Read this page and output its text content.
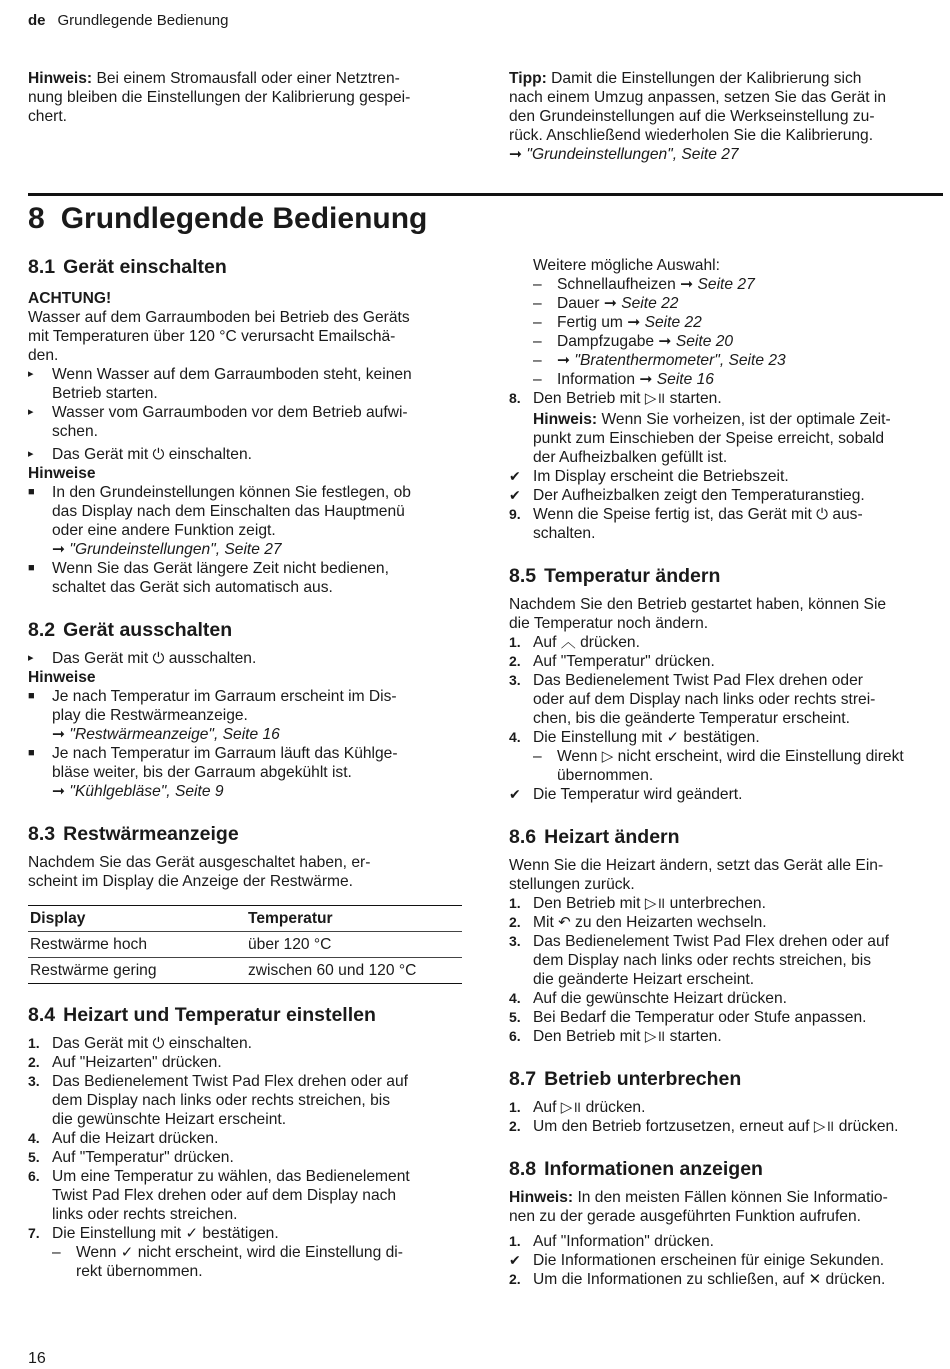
de Grundlegende Bedienung
Hinweis: Bei einem Stromausfall oder einer Netztren-
nung bleiben die Einstellungen der Kalibrierung gespei-
chert.
Tipp: Damit die Einstellungen der Kalibrierung sich
nach einem Umzug anpassen, setzen Sie das Gerät in
den Grundeinstellungen auf die Werkseinstellung zu-
rück. Anschließend wiederholen Sie die Kalibrierung.
➞ "Grundeinstellungen", Seite 27
8 Grundlegende Bedienung
8.1 Gerät einschalten
ACHTUNG!
Wasser auf dem Garraumboden bei Betrieb des Geräts
mit Temperaturen über 120 °C verursacht Emailschä-
den.
▸	Wenn Wasser auf dem Garraumboden steht, keinen
Betrieb starten.
▸	Wasser vom Garraumboden vor dem Betrieb aufwi-
schen.
▸	Das Gerät mit ⏻ einschalten.
Hinweise
■	In den Grundeinstellungen können Sie festlegen, ob
das Display nach dem Einschalten das Hauptmenü
oder eine andere Funktion zeigt.
➞ "Grundeinstellungen", Seite 27
■	Wenn Sie das Gerät längere Zeit nicht bedienen,
schaltet das Gerät sich automatisch aus.
8.2 Gerät ausschalten
▸	Das Gerät mit ⏻ ausschalten.
Hinweise
■	Je nach Temperatur im Garraum erscheint im Dis-
play die Restwärmeanzeige.
➞ "Restwärmeanzeige", Seite 16
■	Je nach Temperatur im Garraum läuft das Kühlge-
bläse weiter, bis der Garraum abgekühlt ist.
➞ "Kühlgebläse", Seite 9
8.3 Restwärmeanzeige
Nachdem Sie das Gerät ausgeschaltet haben, er-
scheint im Display die Anzeige der Restwärme.
Display	Temperatur
Restwärme hoch	über 120 °C
Restwärme gering	zwischen 60 und 120 °C
8.4 Heizart und Temperatur einstellen
1. Das Gerät mit ⏻ einschalten.
2. Auf "Heizarten" drücken.
3. Das Bedienelement Twist Pad Flex drehen oder auf
dem Display nach links oder rechts streichen, bis
die gewünschte Heizart erscheint.
4. Auf die Heizart drücken.
5. Auf "Temperatur" drücken.
6. Um eine Temperatur zu wählen, das Bedienelement
Twist Pad Flex drehen oder auf dem Display nach
links oder rechts streichen.
7. Die Einstellung mit ✓ bestätigen.
– Wenn ✓ nicht erscheint, wird die Einstellung di-
rekt übernommen.
Weitere mögliche Auswahl:
– Schnellaufheizen ➞ Seite 27
– Dauer ➞ Seite 22
– Fertig um ➞ Seite 22
– Dampfzugabe ➞ Seite 20
– ➞ "Bratenthermometer", Seite 23
– Information ➞ Seite 16
8. Den Betrieb mit ▷॥ starten.
Hinweis: Wenn Sie vorheizen, ist der optimale Zeit-
punkt zum Einschieben der Speise erreicht, sobald
der Aufheizbalken gefüllt ist.
✔ Im Display erscheint die Betriebszeit.
✔ Der Aufheizbalken zeigt den Temperaturanstieg.
9. Wenn die Speise fertig ist, das Gerät mit ⏻ aus-
schalten.
8.5 Temperatur ändern
Nachdem Sie den Betrieb gestartet haben, können Sie
die Temperatur noch ändern.
1. Auf ︿ drücken.
2. Auf "Temperatur" drücken.
3. Das Bedienelement Twist Pad Flex drehen oder
oder auf dem Display nach links oder rechts strei-
chen, bis die geänderte Temperatur erscheint.
4. Die Einstellung mit ✓ bestätigen.
– Wenn ▷ nicht erscheint, wird die Einstellung direkt
übernommen.
✔ Die Temperatur wird geändert.
8.6 Heizart ändern
Wenn Sie die Heizart ändern, setzt das Gerät alle Ein-
stellungen zurück.
1. Den Betrieb mit ▷॥ unterbrechen.
2. Mit ↶ zu den Heizarten wechseln.
3. Das Bedienelement Twist Pad Flex drehen oder auf
dem Display nach links oder rechts streichen, bis
die geänderte Heizart erscheint.
4. Auf die gewünschte Heizart drücken.
5. Bei Bedarf die Temperatur oder Stufe anpassen.
6. Den Betrieb mit ▷॥ starten.
8.7 Betrieb unterbrechen
1. Auf ▷॥ drücken.
2. Um den Betrieb fortzusetzen, erneut auf ▷॥ drücken.
8.8 Informationen anzeigen
Hinweis: In den meisten Fällen können Sie Informatio-
nen zu der gerade ausgeführten Funktion aufrufen.
1. Auf "Information" drücken.
✔ Die Informationen erscheinen für einige Sekunden.
2. Um die Informationen zu schließen, auf ✕ drücken.
16
